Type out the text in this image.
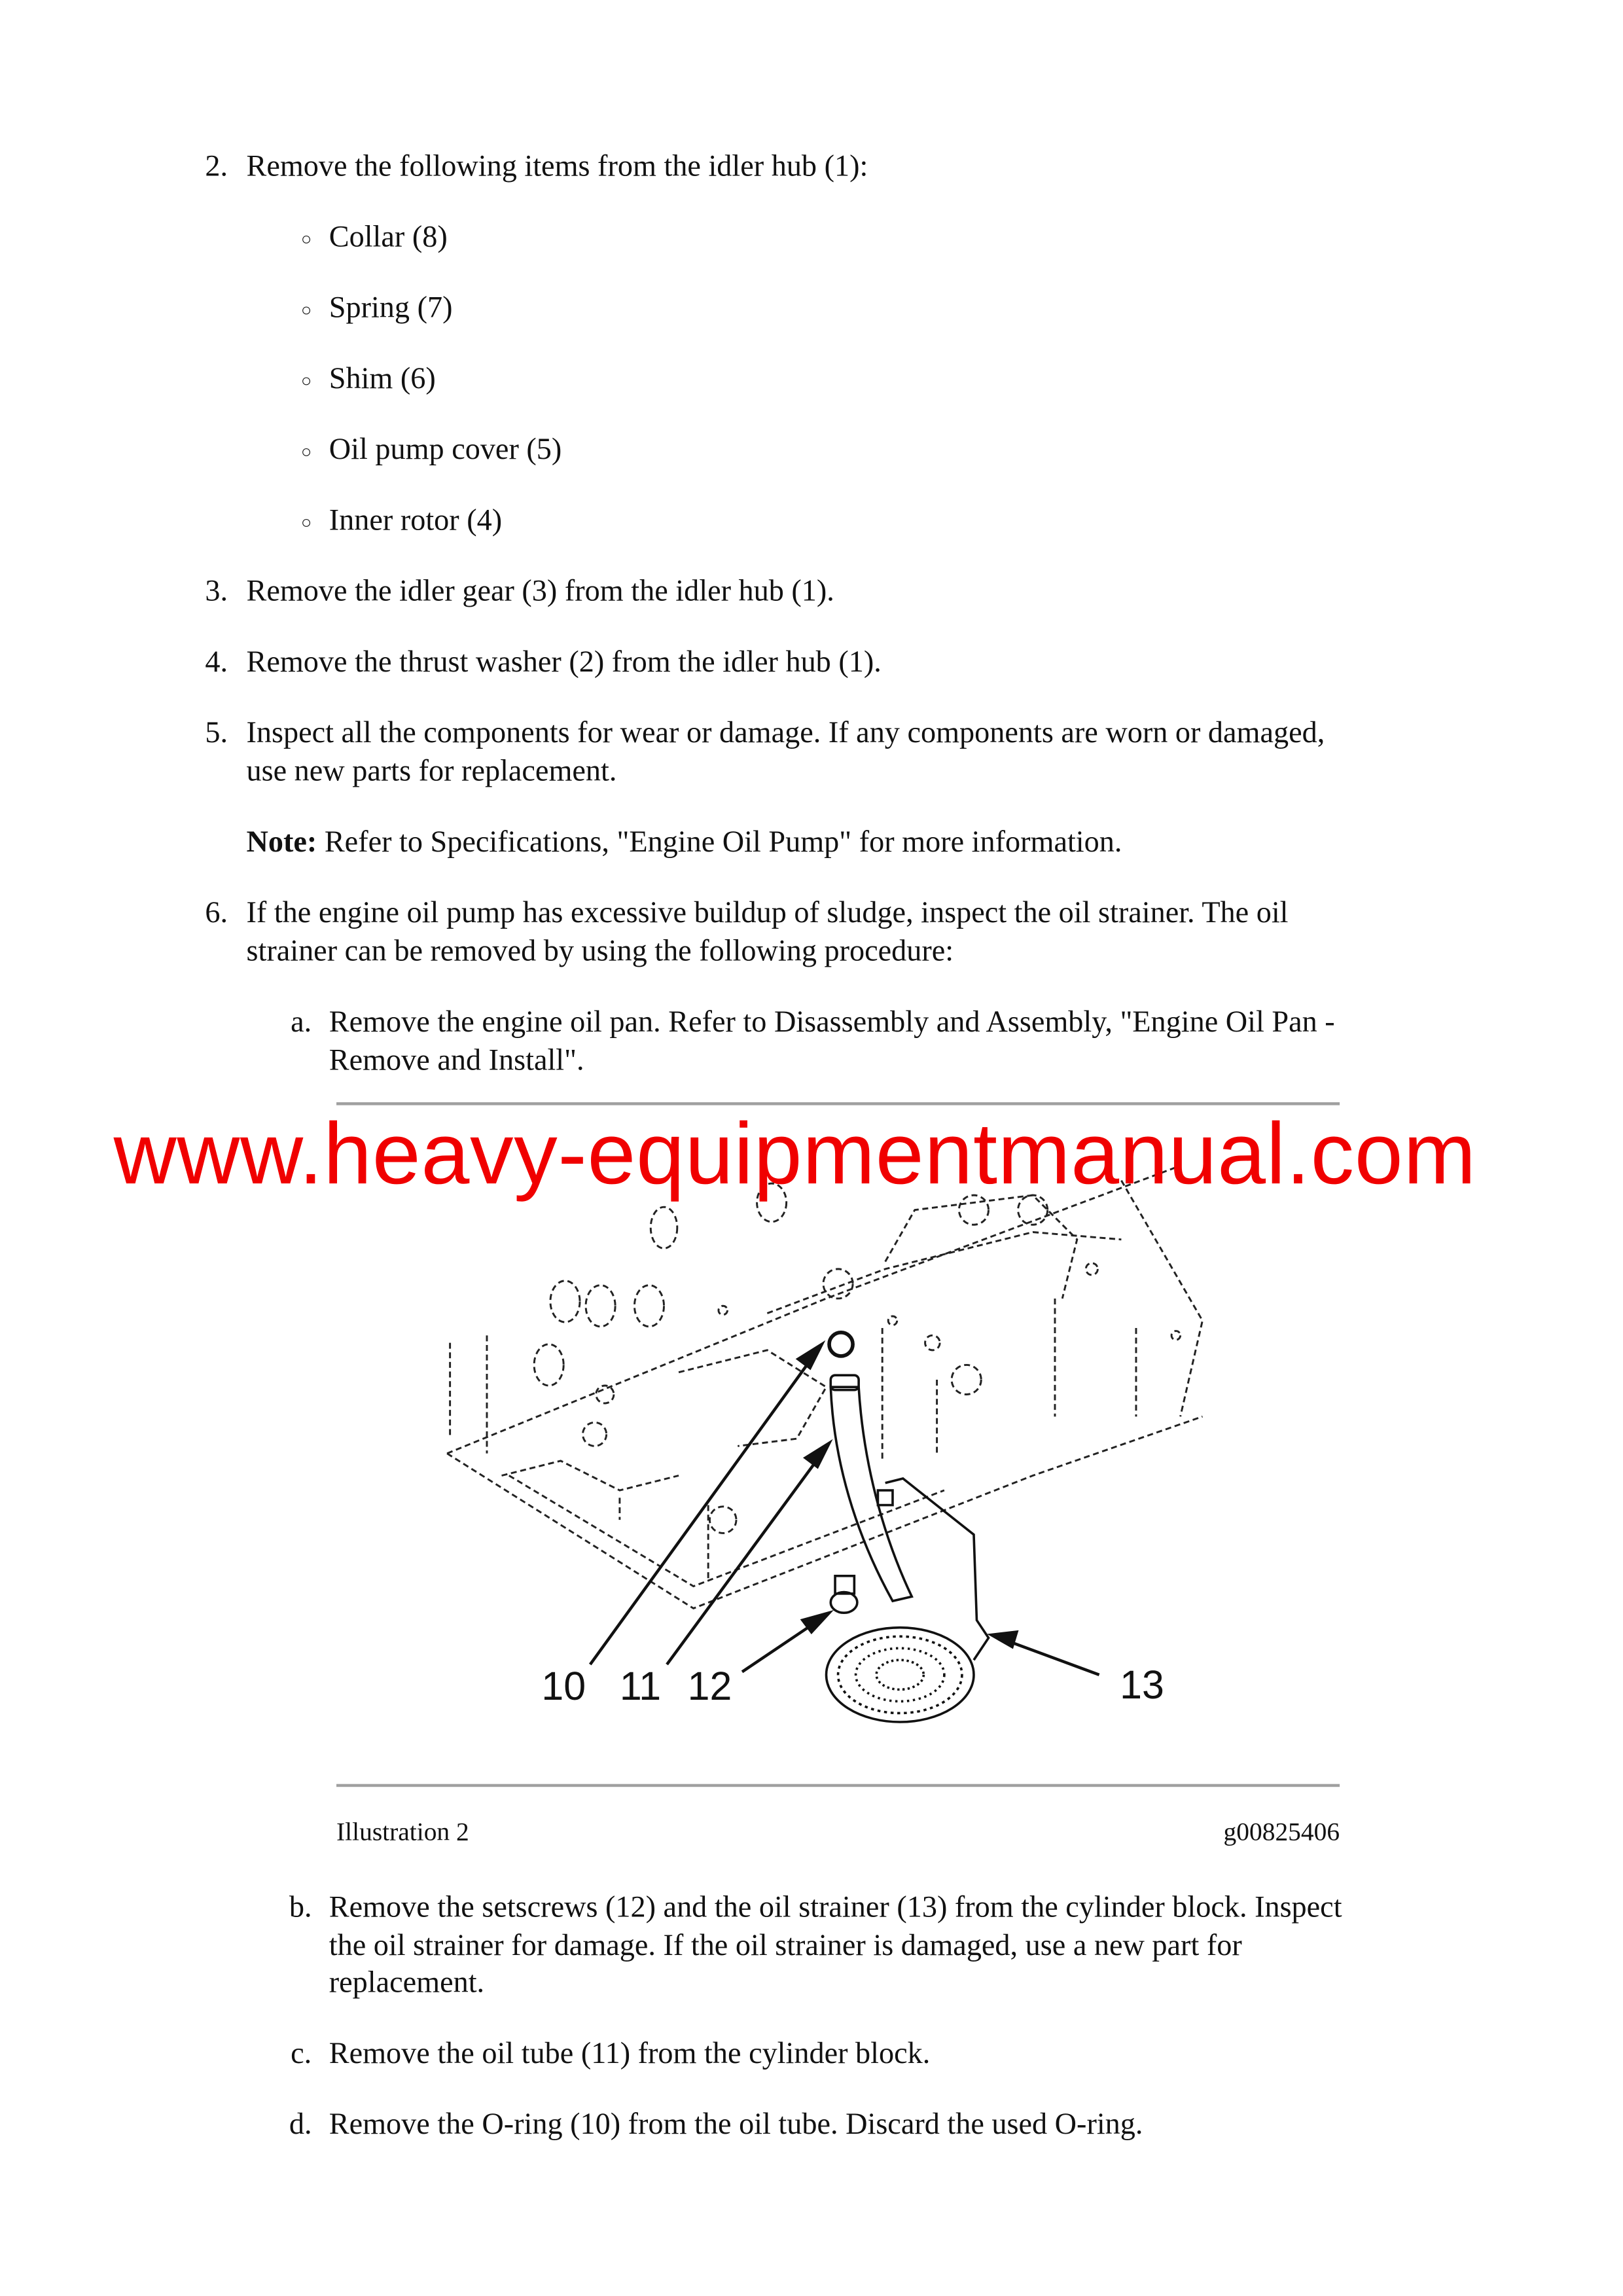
2. Remove the following items from the idler hub (1):
○ Collar (8)
○ Spring (7)
○ Shim (6)
○ Oil pump cover (5)
○ Inner rotor (4)
3. Remove the idler gear (3) from the idler hub (1).
4. Remove the thrust washer (2) from the idler hub (1).
5. Inspect all the components for wear or damage. If any components are worn or damaged,
use new parts for replacement.
Note: Refer to Specifications, "Engine Oil Pump" for more information.
6. If the engine oil pump has excessive buildup of sludge, inspect the oil strainer. The oil
strainer can be removed by using the following procedure:
a. Remove the engine oil pan. Refer to Disassembly and Assembly, "Engine Oil Pan -
Remove and Install".
10 11 12	13
www.heavy-equipmentmanual.com
Illustration 2	g00825406
b. Remove the setscrews (12) and the oil strainer (13) from the cylinder block. Inspect
the oil strainer for damage. If the oil strainer is damaged, use a new part for
replacement.
c. Remove the oil tube (11) from the cylinder block.
d. Remove the O-ring (10) from the oil tube. Discard the used O-ring.
